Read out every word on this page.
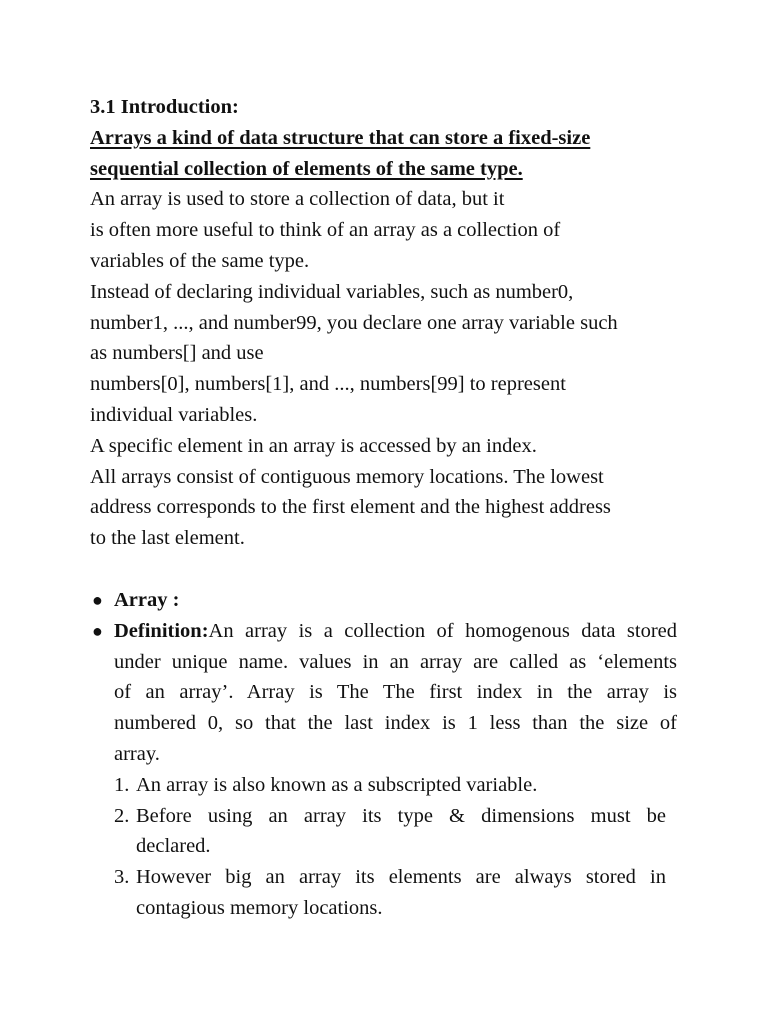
3.1 Introduction:

Arrays a kind of data structure that can store a fixed-size
sequential collection of elements of the same type.

An array is used to store a collection of data, but it
is often more useful to think of an array as a collection of
variables of the same type.
Instead of declaring individual variables, such as number0,
number1, ..., and number99, you declare one array variable such
as numbers[] and use
numbers[0], numbers[1], and ..., numbers[99] to represent
individual variables.
A specific element in an array is accessed by an index.
All arrays consist of contiguous memory locations. The lowest
address corresponds to the first element and the highest address
to the last element.

● Array :
● Definition:An array is a collection of homogenous data stored
under unique name. values in an array are called as ‘elements
of an array’. Array is The The first index in the array is
numbered 0, so that the last index is 1 less than the size of
array.
1. An array is also known as a subscripted variable.
2. Before using an array its type & dimensions must be
declared.
3. However big an array its elements are always stored in
contagious memory locations.
